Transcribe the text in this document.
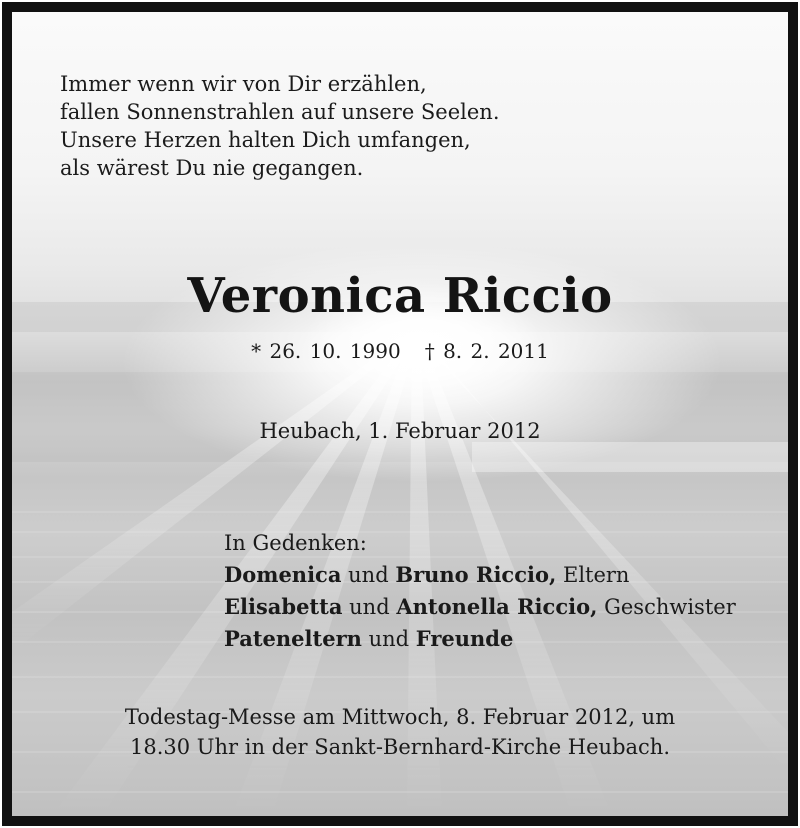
Immer wenn wir von Dir erzählen,
fallen Sonnenstrahlen auf unsere Seelen.
Unsere Herzen halten Dich umfangen,
als wärest Du nie gegangen.
Veronica Riccio
* 26. 10. 1990 † 8. 2. 2011
Heubach, 1. Februar 2012
In Gedenken:
Domenica und Bruno Riccio, Eltern
Elisabetta und Antonella Riccio, Geschwister
Pateneltern und Freunde
Todestag-Messe am Mittwoch, 8. Februar 2012, um
18.30 Uhr in der Sankt-Bernhard-Kirche Heubach.
